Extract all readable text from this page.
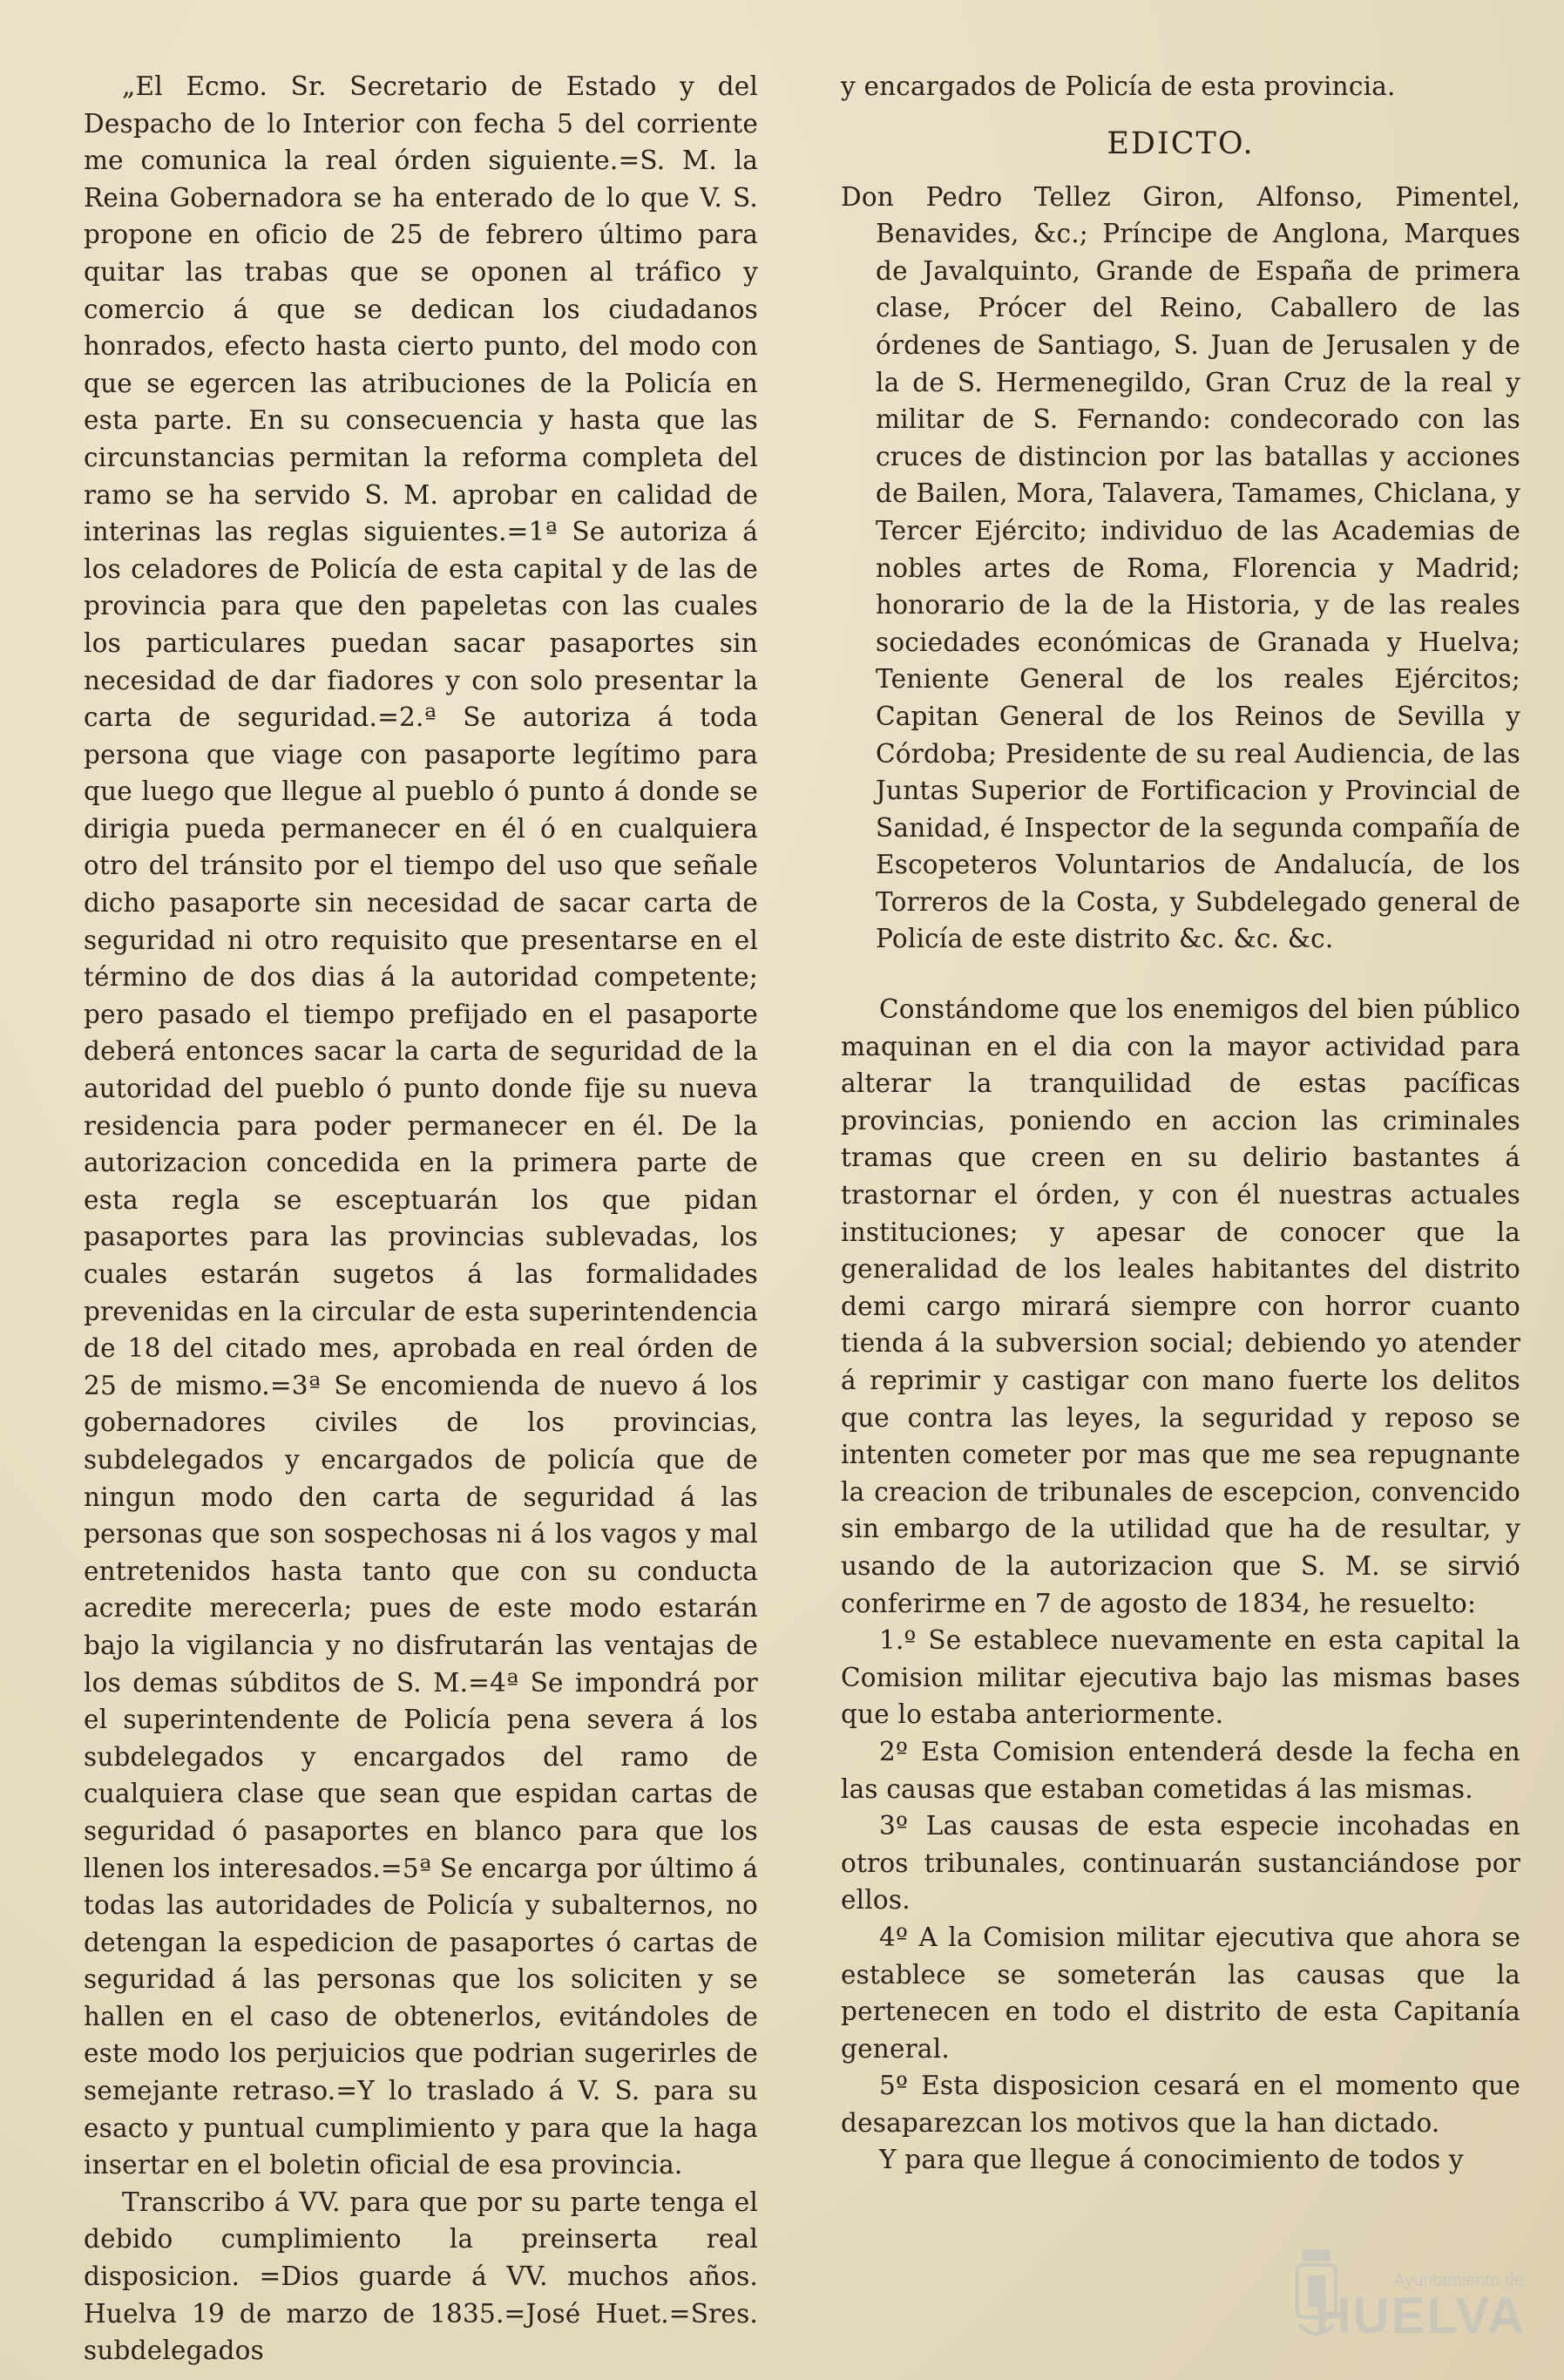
„El Ecmo. Sr. Secretario de Estado y del Despacho de lo Interior con fecha 5 del corriente me comunica la real órden siguiente.=S. M. la Reina Gobernadora se ha enterado de lo que V. S. propone en oficio de 25 de febrero último para quitar las trabas que se oponen al tráfico y comercio á que se dedican los ciudadanos honrados, efecto hasta cierto punto, del modo con que se egercen las atribuciones de la Policía en esta parte. En su consecuencia y hasta que las circunstancias permitan la reforma completa del ramo se ha servido S. M. aprobar en calidad de interinas las reglas siguientes.=1ª Se autoriza á los celadores de Policía de esta capital y de las de provincia para que den papeletas con las cuales los particulares puedan sacar pasaportes sin necesidad de dar fiadores y con solo presentar la carta de seguridad.=2.ª Se autoriza á toda persona que viage con pasaporte legítimo para que luego que llegue al pueblo ó punto á donde se dirigia pueda permanecer en él ó en cualquiera otro del tránsito por el tiempo del uso que señale dicho pasaporte sin necesidad de sacar carta de seguridad ni otro requisito que presentarse en el término de dos dias á la autoridad competente; pero pasado el tiempo prefijado en el pasaporte deberá entonces sacar la carta de seguridad de la autoridad del pueblo ó punto donde fije su nueva residencia para poder permanecer en él. De la autorizacion concedida en la primera parte de esta regla se esceptuarán los que pidan pasaportes para las provincias sublevadas, los cuales estarán sugetos á las formalidades prevenidas en la circular de esta superintendencia de 18 del citado mes, aprobada en real órden de 25 de mismo.=3ª Se encomienda de nuevo á los gobernadores civiles de los provincias, subdelegados y encargados de policía que de ningun modo den carta de seguridad á las personas que son sospechosas ni á los vagos y mal entretenidos hasta tanto que con su conducta acredite merecerla; pues de este modo estarán bajo la vigilancia y no disfrutarán las ventajas de los demas súbditos de S. M.=4ª Se impondrá por el superintendente de Policía pena severa á los subdelegados y encargados del ramo de cualquiera clase que sean que espidan cartas de seguridad ó pasaportes en blanco para que los llenen los interesados.=5ª Se encarga por último á todas las autoridades de Policía y subalternos, no detengan la espedicion de pasaportes ó cartas de seguridad á las personas que los soliciten y se hallen en el caso de obtenerlos, evitándoles de este modo los perjuicios que podrian sugerirles de semejante retraso.=Y lo traslado á V. S. para su esacto y puntual cumplimiento y para que la haga insertar en el boletin oficial de esa provincia.

Transcribo á VV. para que por su parte tenga el debido cumplimiento la preinserta real disposicion. =Dios guarde á VV. muchos años. Huelva 19 de marzo de 1835.=José Huet.=Sres. subdelegados

y encargados de Policía de esta provincia.

EDICTO.

Don Pedro Tellez Giron, Alfonso, Pimentel, Benavides, &c.; Príncipe de Anglona, Marques de Javalquinto, Grande de España de primera clase, Prócer del Reino, Caballero de las órdenes de Santiago, S. Juan de Jerusalen y de la de S. Hermenegildo, Gran Cruz de la real y militar de S. Fernando: condecorado con las cruces de distincion por las batallas y acciones de Bailen, Mora, Talavera, Tamames, Chiclana, y Tercer Ejército; individuo de las Academias de nobles artes de Roma, Florencia y Madrid; honorario de la de la Historia, y de las reales sociedades económicas de Granada y Huelva; Teniente General de los reales Ejércitos; Capitan General de los Reinos de Sevilla y Córdoba; Presidente de su real Audiencia, de las Juntas Superior de Fortificacion y Provincial de Sanidad, é Inspector de la segunda compañía de Escopeteros Voluntarios de Andalucía, de los Torreros de la Costa, y Subdelegado general de Policía de este distrito &c. &c. &c.

Constándome que los enemigos del bien público maquinan en el dia con la mayor actividad para alterar la tranquilidad de estas pacíficas provincias, poniendo en accion las criminales tramas que creen en su delirio bastantes á trastornar el órden, y con él nuestras actuales instituciones; y apesar de conocer que la generalidad de los leales habitantes del distrito demi cargo mirará siempre con horror cuanto tienda á la subversion social; debiendo yo atender á reprimir y castigar con mano fuerte los delitos que contra las leyes, la seguridad y reposo se intenten cometer por mas que me sea repugnante la creacion de tribunales de escepcion, convencido sin embargo de la utilidad que ha de resultar, y usando de la autorizacion que S. M. se sirvió conferirme en 7 de agosto de 1834, he resuelto:

1.º Se establece nuevamente en esta capital la Comision militar ejecutiva bajo las mismas bases que lo estaba anteriormente.

2º Esta Comision entenderá desde la fecha en las causas que estaban cometidas á las mismas.

3º Las causas de esta especie incohadas en otros tribunales, continuarán sustanciándose por ellos.

4º A la Comision militar ejecutiva que ahora se establece se someterán las causas que la pertenecen en todo el distrito de esta Capitanía general.

5º Esta disposicion cesará en el momento que desaparezcan los motivos que la han dictado.

Y para que llegue á conocimiento de todos y

Ayuntamiento de
HUELVA
